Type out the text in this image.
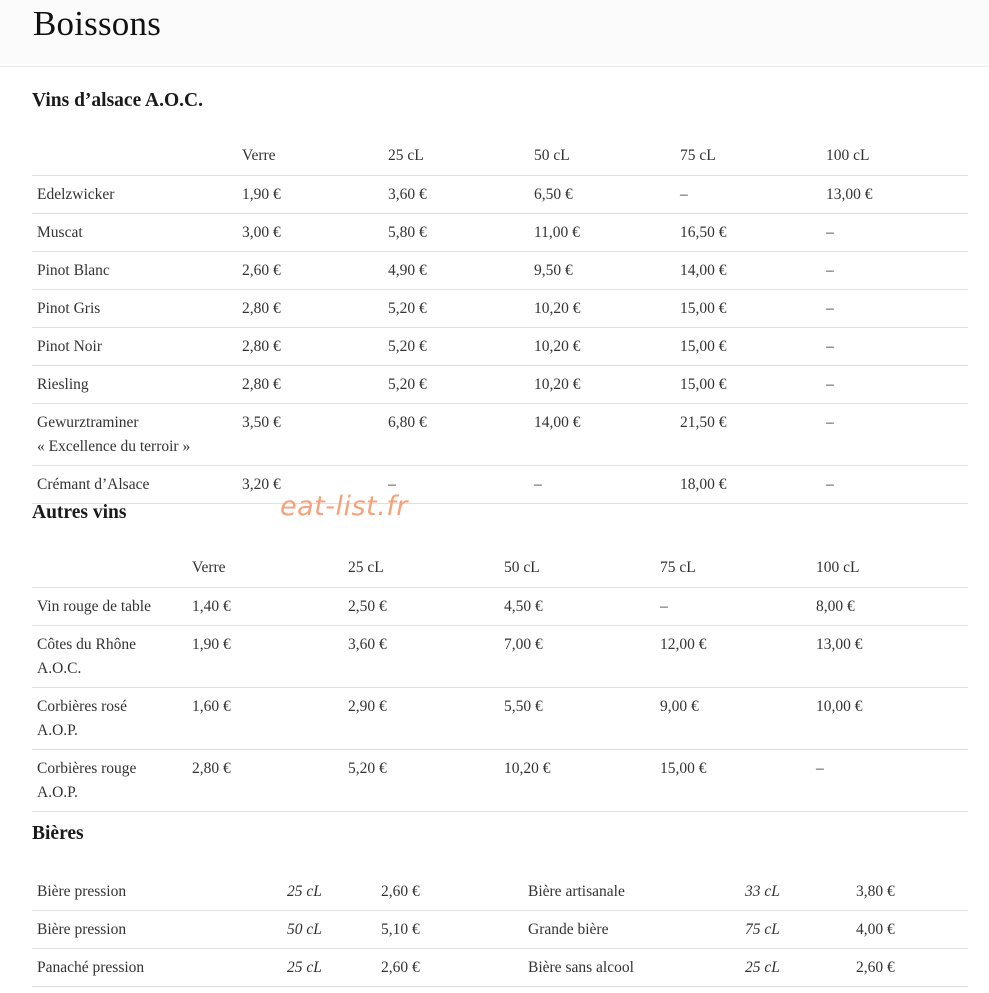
Boissons
Vins d’alsace A.O.C.
	Verre	25 cL	50 cL	75 cL	100 cL

Edelzwicker	1,90 €	3,60 €	6,50 €	–	13,00 €

Muscat	3,00 €	5,80 €	11,00 €	16,50 €	–

Pinot Blanc	2,60 €	4,90 €	9,50 €	14,00 €	–

Pinot Gris	2,80 €	5,20 €	10,20 €	15,00 €	–

Pinot Noir	2,80 €	5,20 €	10,20 €	15,00 €	–

Riesling	2,80 €	5,20 €	10,20 €	15,00 €	–

Gewurztraminer
« Excellence du terroir »	3,50 €	6,80 €	14,00 €	21,50 €	–

Crémant d’Alsace	3,20 €	–	–	18,00 €	–
eat-list.fr
Autres vins
	Verre	25 cL	50 cL	75 cL	100 cL

Vin rouge de table	1,40 €	2,50 €	4,50 €	–	8,00 €

Côtes du Rhône
A.O.C.	1,90 €	3,60 €	7,00 €	12,00 €	13,00 €

Corbières rosé
A.O.P.	1,60 €	2,90 €	5,50 €	9,00 €	10,00 €

Corbières rouge
A.O.P.	2,80 €	5,20 €	10,20 €	15,00 €	–
Bières
Bière pression	25 cL	2,60 €	Bière artisanale	33 cL	3,80 €
Bière pression	50 cL	5,10 €	Grande bière	75 cL	4,00 €
Panaché pression	25 cL	2,60 €	Bière sans alcool	25 cL	2,60 €
